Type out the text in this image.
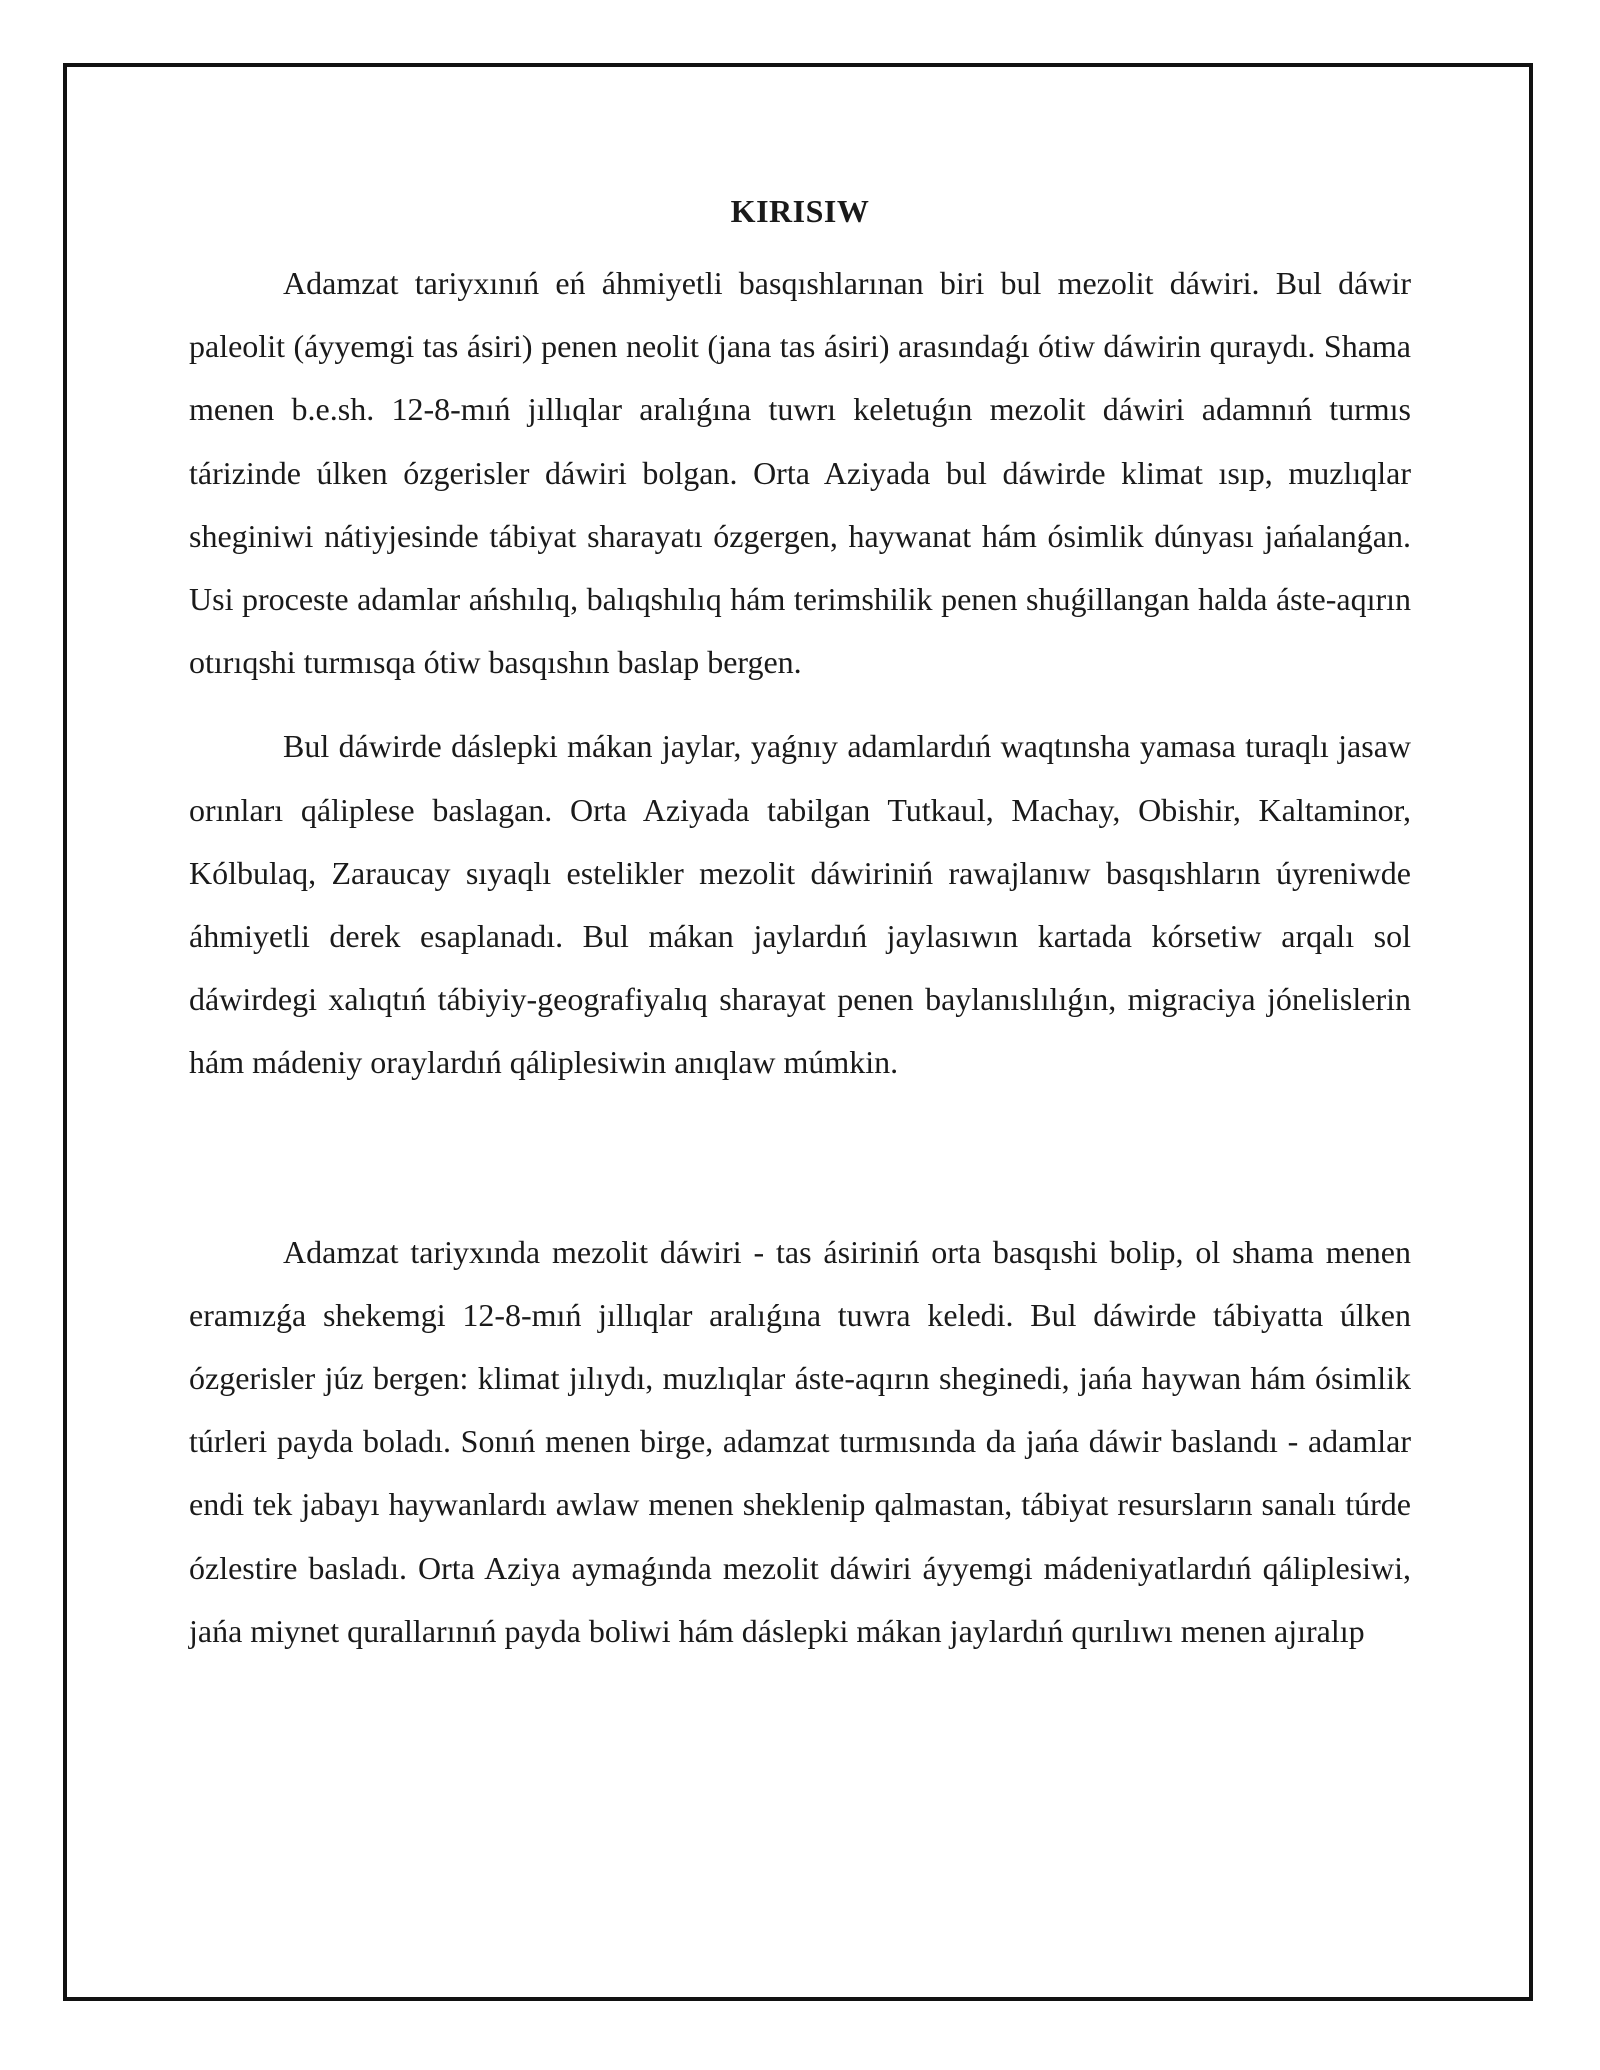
KIRISIW

Adamzat tariyxınıń eń áhmiyetli basqıshlarınan biri bul mezolit dáwiri. Bul dáwir paleolit (áyyemgi tas ásiri) penen neolit (jana tas ásiri) arasındaǵı ótiw dáwirin quraydı. Shama menen b.e.sh. 12-8-mıń jıllıqlar aralıǵına tuwrı keletuǵın mezolit dáwiri adamnıń turmıs tárizinde úlken ózgerisler dáwiri bolgan. Orta Aziyada bul dáwirde klimat ısıp, muzlıqlar sheginiwi nátiyjesinde tábiyat sharayatı ózgergen, haywanat hám ósimlik dúnyası jańalanǵan. Usi proceste adamlar ańshılıq, balıqshılıq hám terimshilik penen shuǵillangan halda áste-aqırın otırıqshi turmısqa ótiw basqıshın baslap bergen.

Bul dáwirde dáslepki mákan jaylar, yaǵnıy adamlardıń waqtınsha yamasa turaqlı jasaw orınları qáliplese baslagan. Orta Aziyada tabilgan Tutkaul, Machay, Obishir, Kaltaminor, Kólbulaq, Zaraucay sıyaqlı estelikler mezolit dáwiriniń rawajlanıw basqıshların úyreniwde áhmiyetli derek esaplanadı. Bul mákan jaylardıń jaylasıwın kartada kórsetiw arqalı sol dáwirdegi xalıqtıń tábiyiy-geografiyalıq sharayat penen baylanıslılıǵın, migraciya jónelislerin hám mádeniy oraylardıń qáliplesiwin anıqlaw múmkin.

Adamzat tariyxında mezolit dáwiri - tas ásiriniń orta basqıshi bolip, ol shama menen eramızǵa shekemgi 12-8-mıń jıllıqlar aralıǵına tuwra keledi. Bul dáwirde tábiyatta úlken ózgerisler júz bergen: klimat jılıydı, muzlıqlar áste-aqırın sheginedi, jańa haywan hám ósimlik túrleri payda boladı. Sonıń menen birge, adamzat turmısında da jańa dáwir baslandı - adamlar endi tek jabayı haywanlardı awlaw menen sheklenip qalmastan, tábiyat resursların sanalı túrde ózlestire basladı. Orta Aziya aymaǵında mezolit dáwiri áyyemgi mádeniyatlardıń qáliplesiwi, jańa miynet qurallarınıń payda boliwi hám dáslepki mákan jaylardıń qurılıwı menen ajıralıp
